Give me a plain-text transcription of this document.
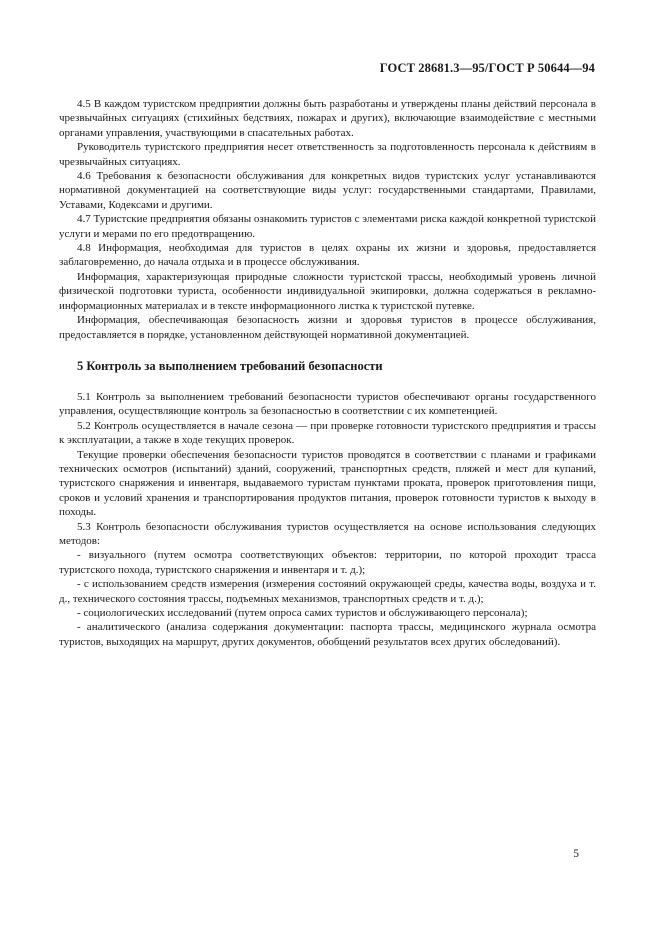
ГОСТ 28681.3—95/ГОСТ Р 50644—94

4.5 В каждом туристском предприятии должны быть разработаны и утверждены планы действий персонала в чрезвычайных ситуациях (стихийных бедствиях, пожарах и других), включающие взаимодействие с местными органами управления, участвующими в спасательных работах.

Руководитель туристского предприятия несет ответственность за подготовленность персонала к действиям в чрезвычайных ситуациях.

4.6 Требования к безопасности обслуживания для конкретных видов туристских услуг устанавливаются нормативной документацией на соответствующие виды услуг: государственными стандартами, Правилами, Уставами, Кодексами и другими.

4.7 Туристские предприятия обязаны ознакомить туристов с элементами риска каждой конкретной туристской услуги и мерами по его предотвращению.

4.8 Информация, необходимая для туристов в целях охраны их жизни и здоровья, предоставляется заблаговременно, до начала отдыха и в процессе обслуживания.

Информация, характеризующая природные сложности туристской трассы, необходимый уровень личной физической подготовки туриста, особенности индивидуальной экипировки, должна содержаться в рекламно-информационных материалах и в тексте информационного листка к туристской путевке.

Информация, обеспечивающая безопасность жизни и здоровья туристов в процессе обслуживания, предоставляется в порядке, установленном действующей нормативной документацией.

5 Контроль за выполнением требований безопасности

5.1 Контроль за выполнением требований безопасности туристов обеспечивают органы государственного управления, осуществляющие контроль за безопасностью в соответствии с их компетенцией.

5.2 Контроль осуществляется в начале сезона — при проверке готовности туристского предприятия и трассы к эксплуатации, а также в ходе текущих проверок.

Текущие проверки обеспечения безопасности туристов проводятся в соответствии с планами и графиками технических осмотров (испытаний) зданий, сооружений, транспортных средств, пляжей и мест для купаний, туристского снаряжения и инвентаря, выдаваемого туристам пунктами проката, проверок приготовления пищи, сроков и условий хранения и транспортирования продуктов питания, проверок готовности туристов к выходу в походы.

5.3 Контроль безопасности обслуживания туристов осуществляется на основе использования следующих методов:

- визуального (путем осмотра соответствующих объектов: территории, по которой проходит трасса туристского похода, туристского снаряжения и инвентаря и т. д.);

- с использованием средств измерения (измерения состояний окружающей среды, качества воды, воздуха и т. д., технического состояния трассы, подъемных механизмов, транспортных средств и т. д.);

- социологических исследований (путем опроса самих туристов и обслуживающего персонала);

- аналитического (анализа содержания документации: паспорта трассы, медицинского журнала осмотра туристов, выходящих на маршрут, других документов, обобщений результатов всех других обследований).

5
